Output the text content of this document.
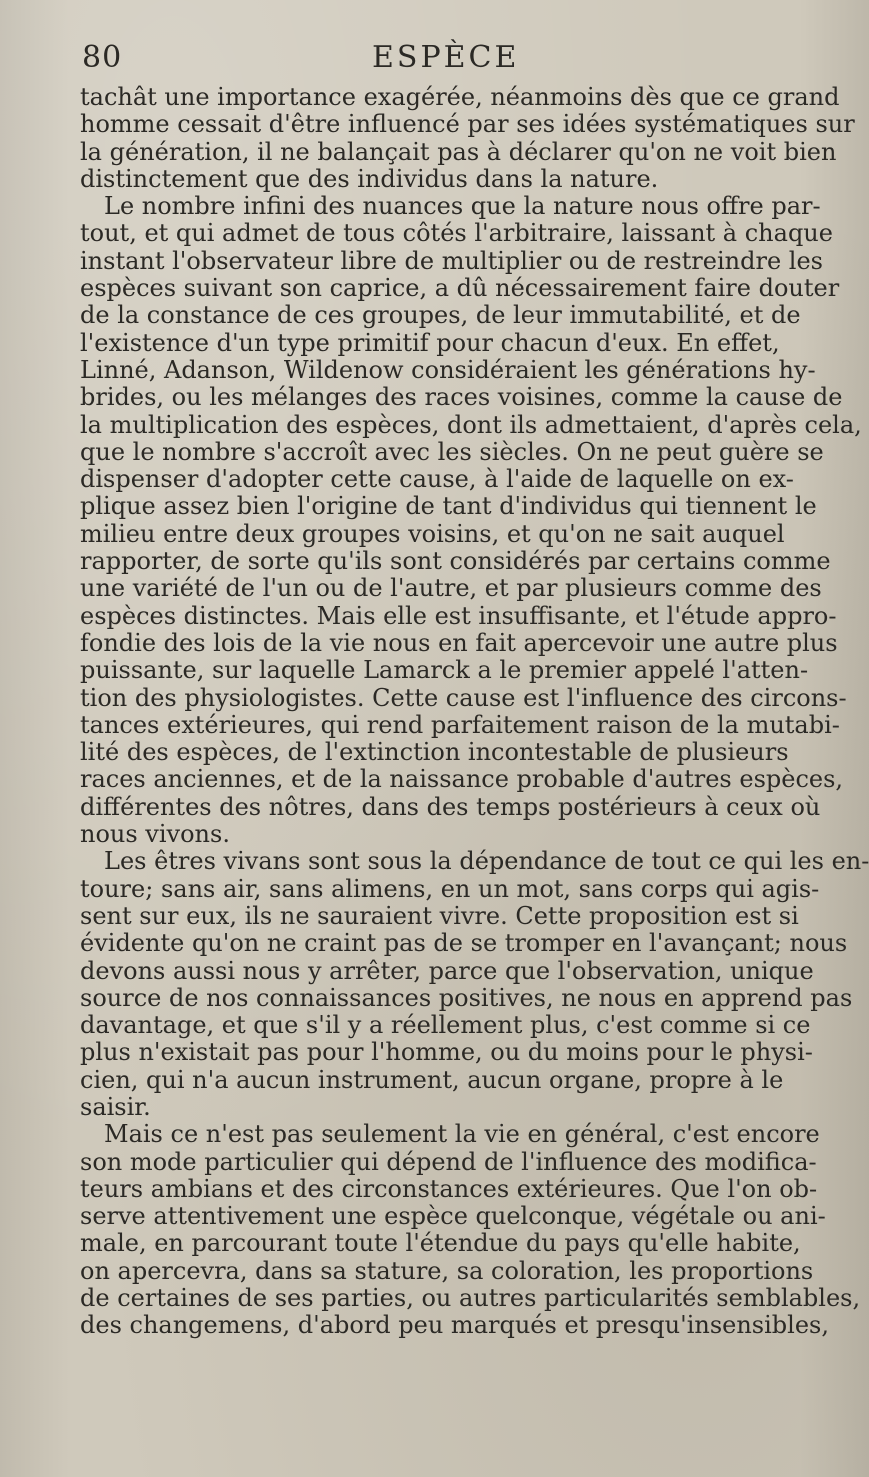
80	ESPÈCE
tachât une importance exagérée, néanmoins dès que ce grand
homme cessait d'être influencé par ses idées systématiques sur
la génération, il ne balançait pas à déclarer qu'on ne voit bien
distinctement que des individus dans la nature.
Le nombre infini des nuances que la nature nous offre par-
tout, et qui admet de tous côtés l'arbitraire, laissant à chaque
instant l'observateur libre de multiplier ou de restreindre les
espèces suivant son caprice, a dû nécessairement faire douter
de la constance de ces groupes, de leur immutabilité, et de
l'existence d'un type primitif pour chacun d'eux. En effet,
Linné, Adanson, Wildenow considéraient les générations hy-
brides, ou les mélanges des races voisines, comme la cause de
la multiplication des espèces, dont ils admettaient, d'après cela,
que le nombre s'accroît avec les siècles. On ne peut guère se
dispenser d'adopter cette cause, à l'aide de laquelle on ex-
plique assez bien l'origine de tant d'individus qui tiennent le
milieu entre deux groupes voisins, et qu'on ne sait auquel
rapporter, de sorte qu'ils sont considérés par certains comme
une variété de l'un ou de l'autre, et par plusieurs comme des
espèces distinctes. Mais elle est insuffisante, et l'étude appro-
fondie des lois de la vie nous en fait apercevoir une autre plus
puissante, sur laquelle Lamarck a le premier appelé l'atten-
tion des physiologistes. Cette cause est l'influence des circons-
tances extérieures, qui rend parfaitement raison de la mutabi-
lité des espèces, de l'extinction incontestable de plusieurs
races anciennes, et de la naissance probable d'autres espèces,
différentes des nôtres, dans des temps postérieurs à ceux où
nous vivons.
Les êtres vivans sont sous la dépendance de tout ce qui les en-
toure; sans air, sans alimens, en un mot, sans corps qui agis-
sent sur eux, ils ne sauraient vivre. Cette proposition est si
évidente qu'on ne craint pas de se tromper en l'avançant; nous
devons aussi nous y arrêter, parce que l'observation, unique
source de nos connaissances positives, ne nous en apprend pas
davantage, et que s'il y a réellement plus, c'est comme si ce
plus n'existait pas pour l'homme, ou du moins pour le physi-
cien, qui n'a aucun instrument, aucun organe, propre à le
saisir.
Mais ce n'est pas seulement la vie en général, c'est encore
son mode particulier qui dépend de l'influence des modifica-
teurs ambians et des circonstances extérieures. Que l'on ob-
serve attentivement une espèce quelconque, végétale ou ani-
male, en parcourant toute l'étendue du pays qu'elle habite,
on apercevra, dans sa stature, sa coloration, les proportions
de certaines de ses parties, ou autres particularités semblables,
des changemens, d'abord peu marqués et presqu'insensibles,
